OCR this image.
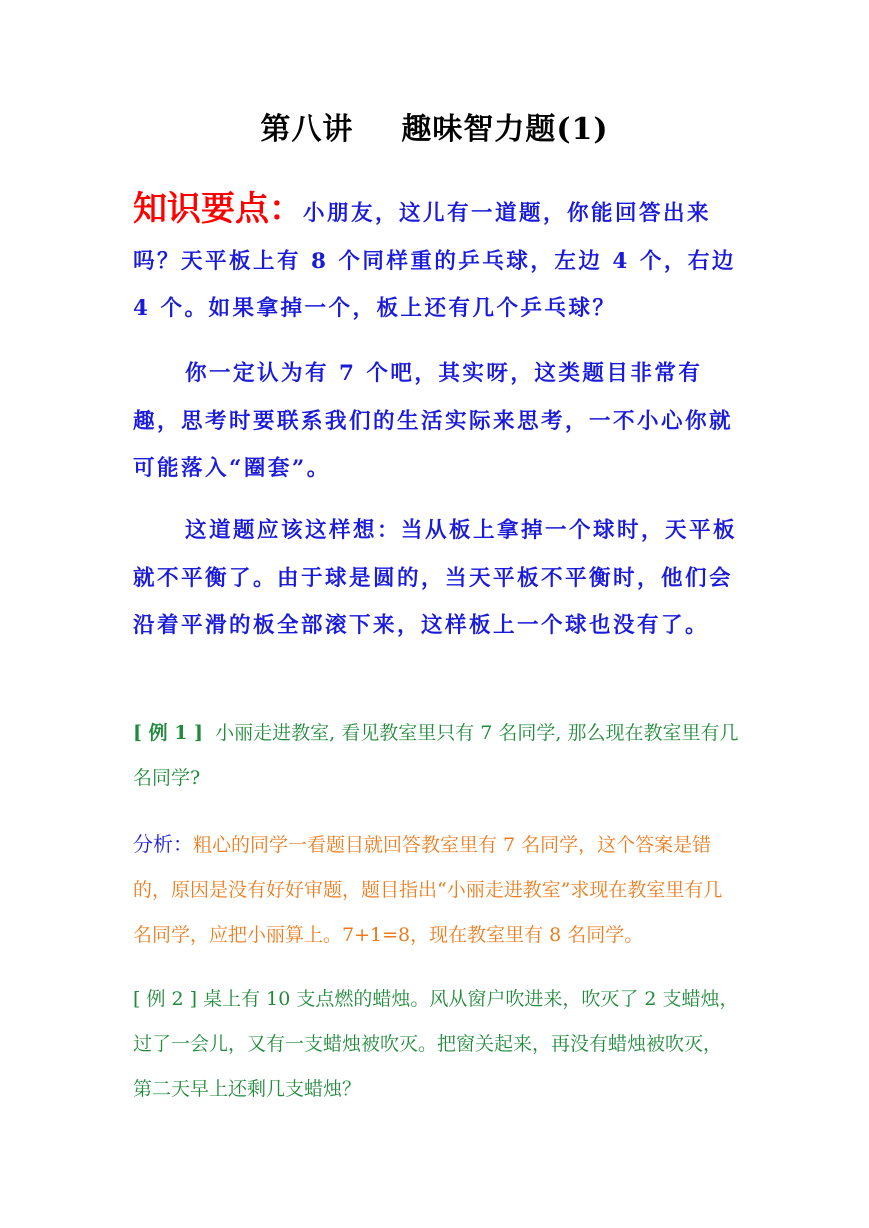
第八讲 趣味智力题(1)

知识要点：小朋友，这儿有一道题，你能回答出来吗？天平板上有 8 个同样重的乒乓球，左边 4 个，右边 4 个。如果拿掉一个，板上还有几个乒乓球？

你一定认为有 7 个吧，其实呀，这类题目非常有趣，思考时要联系我们的生活实际来思考，一不小心你就可能落入“圈套”。

这道题应该这样想：当从板上拿掉一个球时，天平板就不平衡了。由于球是圆的，当天平板不平衡时，他们会沿着平滑的板全部滚下来，这样板上一个球也没有了。

[ 例 1 ] 小丽走进教室, 看见教室里只有 7 名同学, 那么现在教室里有几名同学?

分析：粗心的同学一看题目就回答教室里有 7 名同学，这个答案是错的，原因是没有好好审题，题目指出“小丽走进教室”求现在教室里有几名同学，应把小丽算上。7+1=8，现在教室里有 8 名同学。

[ 例 2 ] 桌上有 10 支点燃的蜡烛。风从窗户吹进来，吹灭了 2 支蜡烛，过了一会儿，又有一支蜡烛被吹灭。把窗关起来，再没有蜡烛被吹灭，第二天早上还剩几支蜡烛？
